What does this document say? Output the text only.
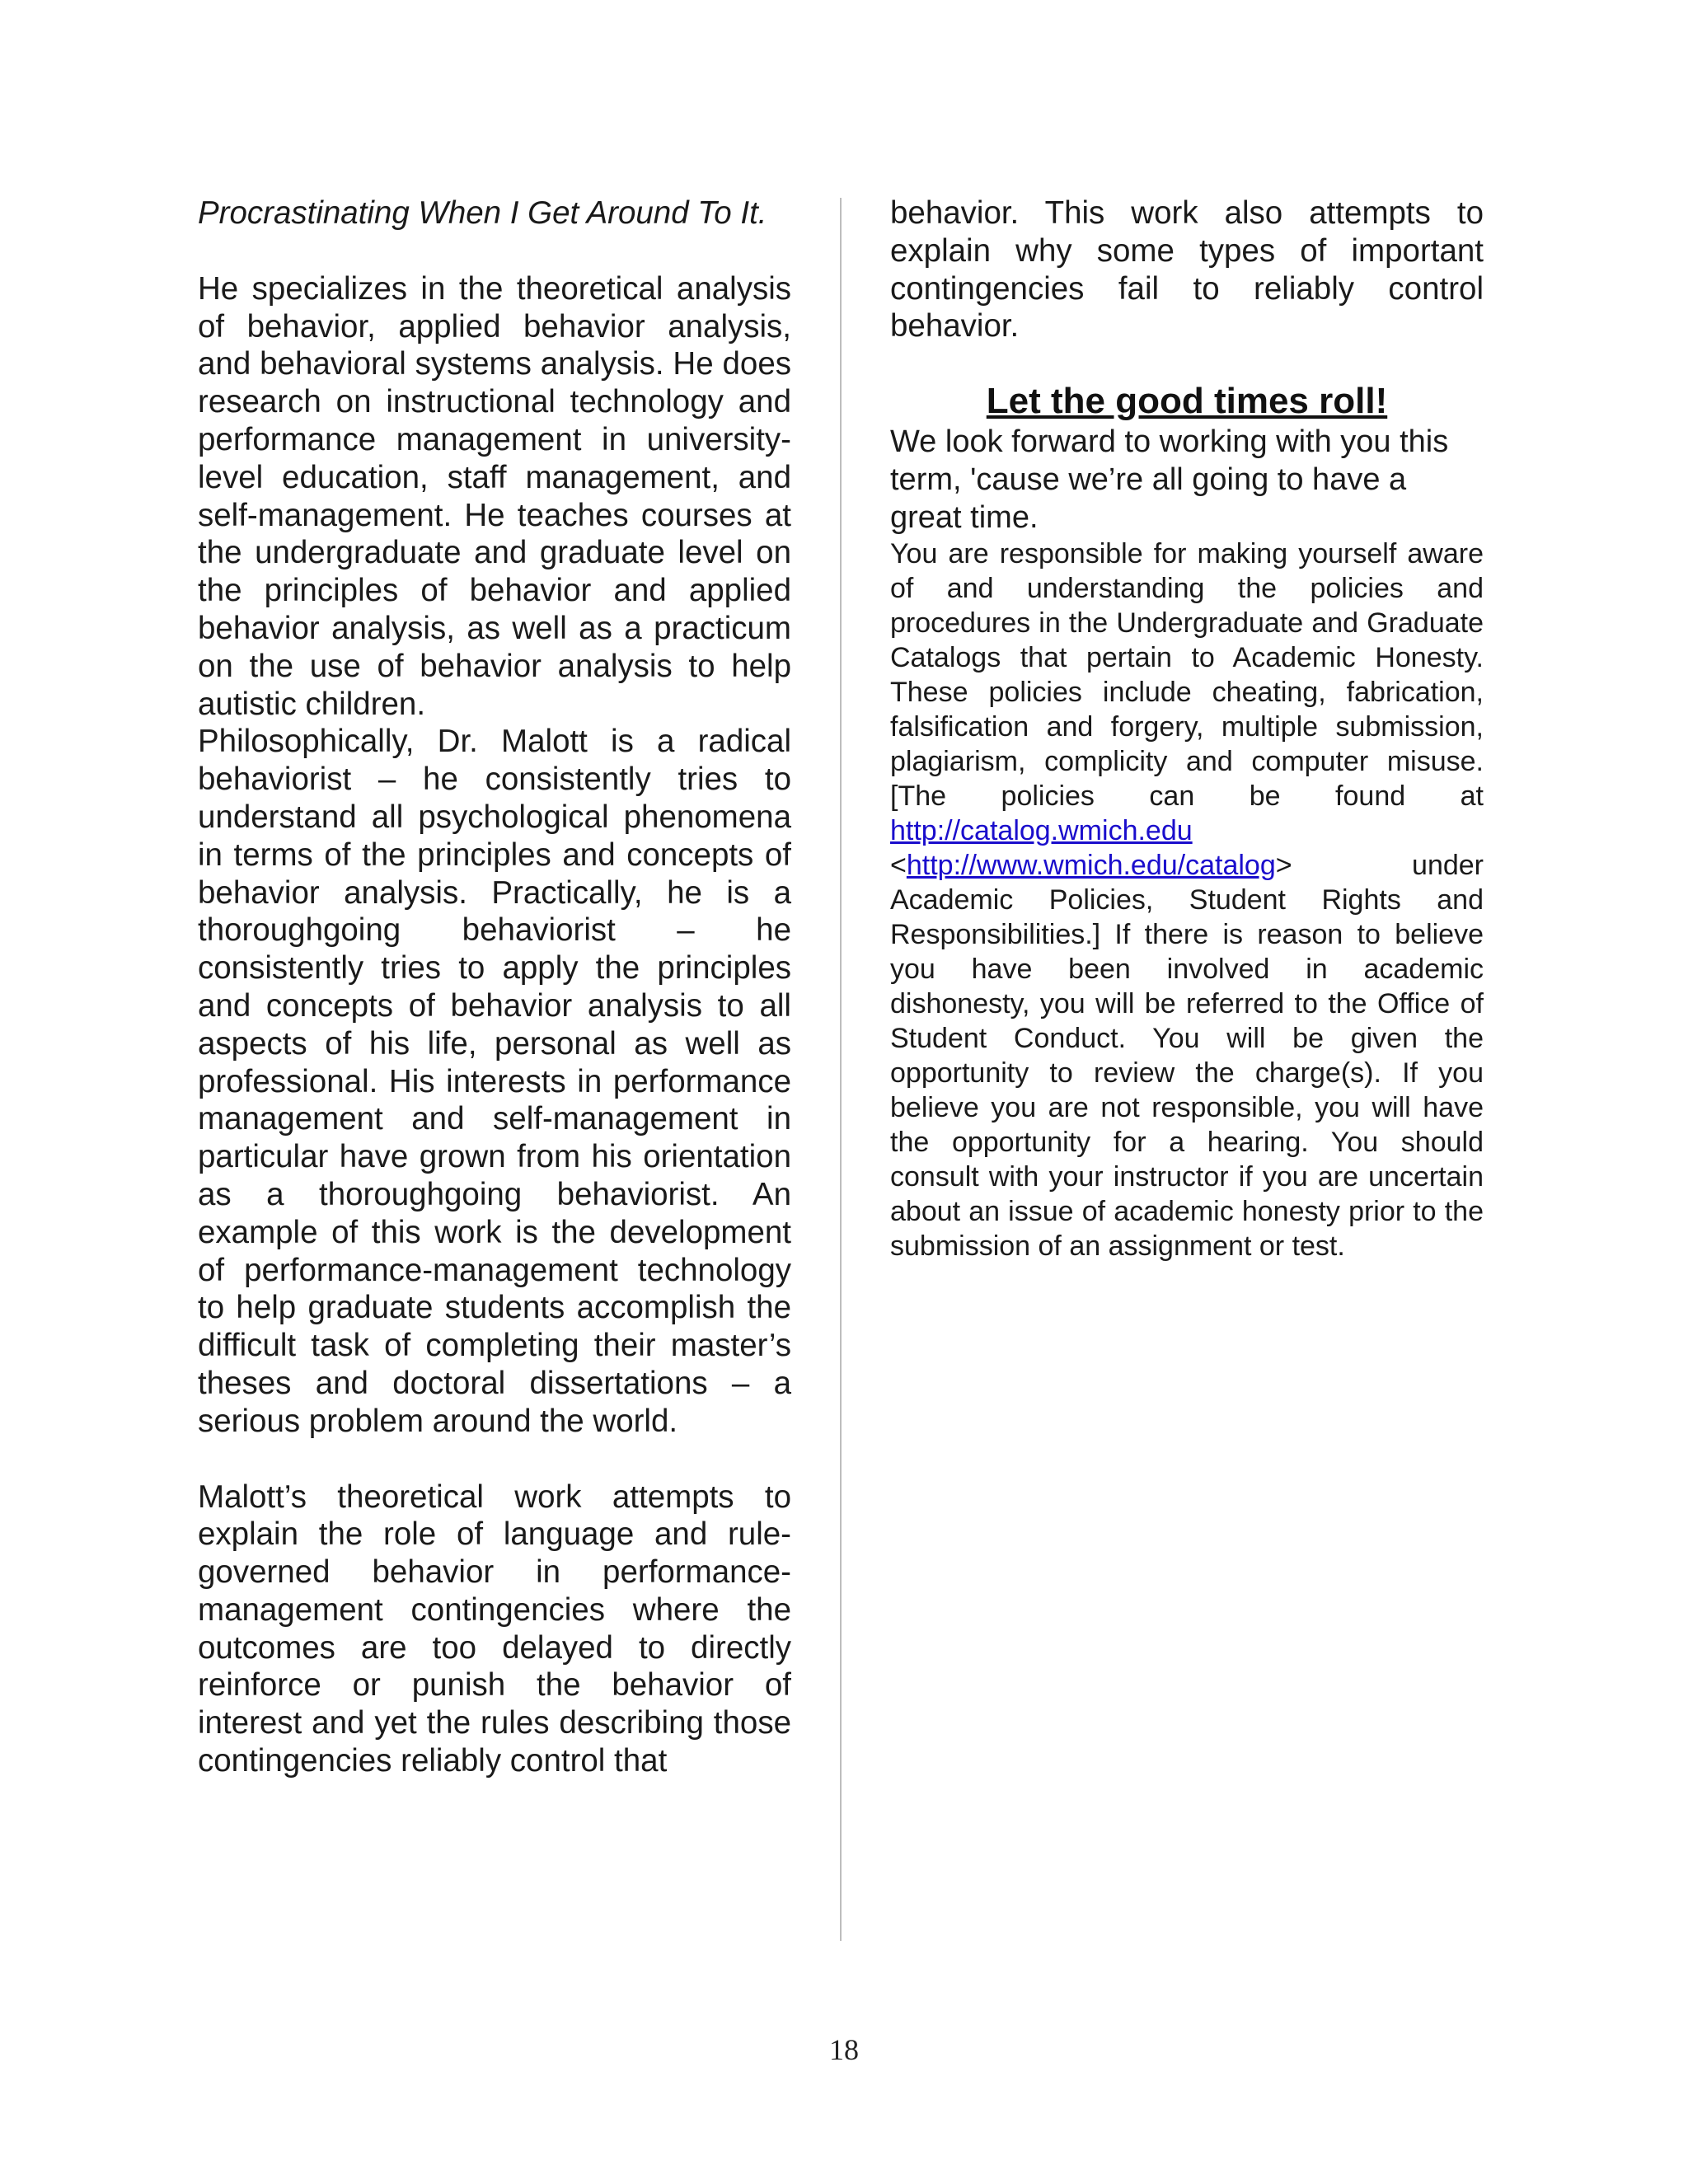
Procrastinating When I Get Around To It.

He specializes in the theoretical analysis of behavior, applied behavior analysis, and behavioral systems analysis. He does research on instructional technology and performance management in university-level education, staff management, and self-management. He teaches courses at the undergraduate and graduate level on the principles of behavior and applied behavior analysis, as well as a practicum on the use of behavior analysis to help autistic children.

Philosophically, Dr. Malott is a radical behaviorist – he consistently tries to understand all psychological phenomena in terms of the principles and concepts of behavior analysis. Practically, he is a thoroughgoing behaviorist – he consistently tries to apply the principles and concepts of behavior analysis to all aspects of his life, personal as well as professional. His interests in performance management and self-management in particular have grown from his orientation as a thoroughgoing behaviorist. An example of this work is the development of performance-management technology to help graduate students accomplish the difficult task of completing their master’s theses and doctoral dissertations – a serious problem around the world.

Malott’s theoretical work attempts to explain the role of language and rule-governed behavior in performance-management contingencies where the outcomes are too delayed to directly reinforce or punish the behavior of interest and yet the rules describing those contingencies reliably control that

behavior. This work also attempts to explain why some types of important contingencies fail to reliably control behavior.

Let the good times roll!

We look forward to working with you this term, 'cause we’re all going to have a great time.

You are responsible for making yourself aware of and understanding the policies and procedures in the Undergraduate and Graduate Catalogs that pertain to Academic Honesty. These policies include cheating, fabrication, falsification and forgery, multiple submission, plagiarism, complicity and computer misuse. [The policies can be found at http://catalog.wmich.edu <http://www.wmich.edu/catalog> under Academic Policies, Student Rights and Responsibilities.] If there is reason to believe you have been involved in academic dishonesty, you will be referred to the Office of Student Conduct. You will be given the opportunity to review the charge(s). If you believe you are not responsible, you will have the opportunity for a hearing. You should consult with your instructor if you are uncertain about an issue of academic honesty prior to the submission of an assignment or test.

18
